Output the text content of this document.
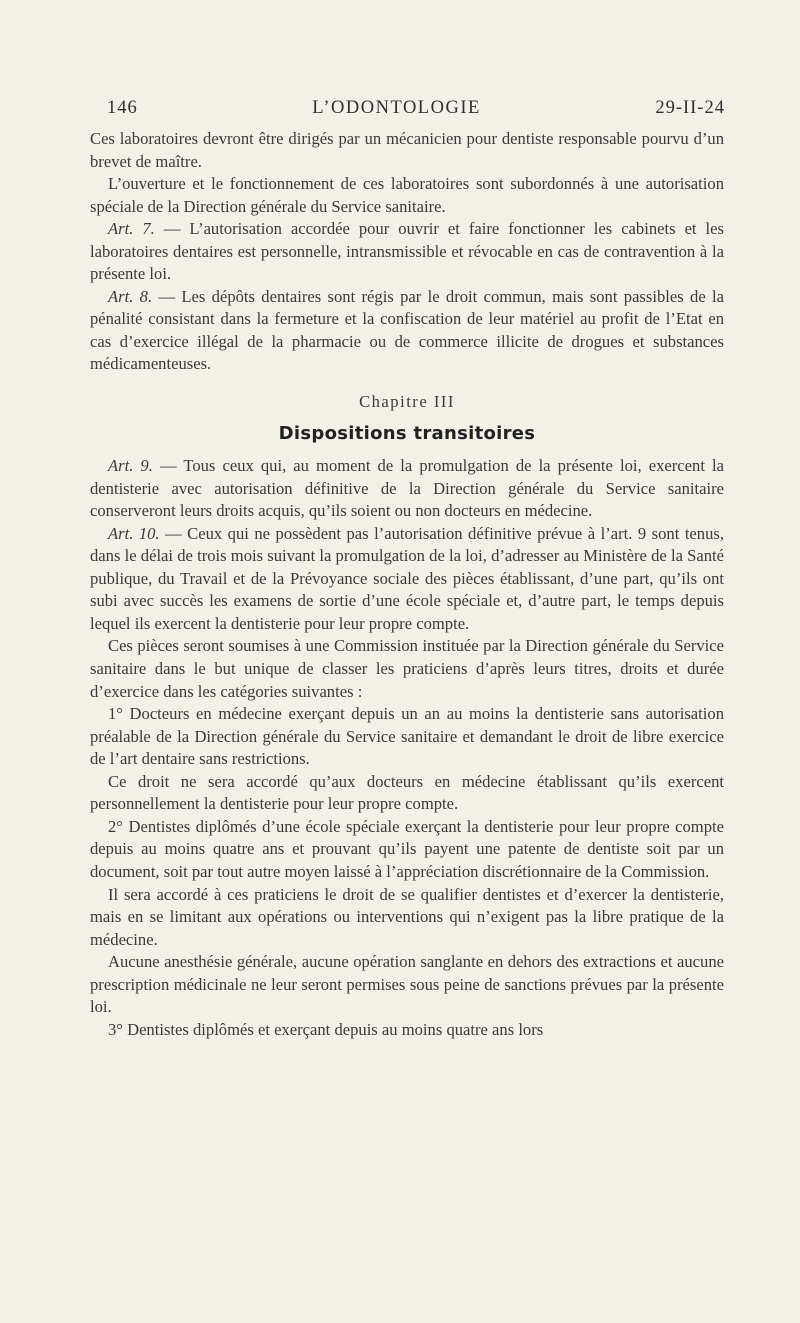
146	L’ODONTOLOGIE	29-II-24

Ces laboratoires devront être dirigés par un mécanicien pour dentiste responsable pourvu d’un brevet de maître.

L’ouverture et le fonctionnement de ces laboratoires sont subordonnés à une autorisation spéciale de la Direction générale du Service sanitaire.

Art. 7. — L’autorisation accordée pour ouvrir et faire fonctionner les cabinets et les laboratoires dentaires est personnelle, intransmissible et révocable en cas de contravention à la présente loi.

Art. 8. — Les dépôts dentaires sont régis par le droit commun, mais sont passibles de la pénalité consistant dans la fermeture et la confiscation de leur matériel au profit de l’Etat en cas d’exercice illégal de la pharmacie ou de commerce illicite de drogues et substances médicamenteuses.

Chapitre III
Dispositions transitoires

Art. 9. — Tous ceux qui, au moment de la promulgation de la présente loi, exercent la dentisterie avec autorisation définitive de la Direction générale du Service sanitaire conserveront leurs droits acquis, qu’ils soient ou non docteurs en médecine.

Art. 10. — Ceux qui ne possèdent pas l’autorisation définitive prévue à l’art. 9 sont tenus, dans le délai de trois mois suivant la promulgation de la loi, d’adresser au Ministère de la Santé publique, du Travail et de la Prévoyance sociale des pièces établissant, d’une part, qu’ils ont subi avec succès les examens de sortie d’une école spéciale et, d’autre part, le temps depuis lequel ils exercent la dentisterie pour leur propre compte.

Ces pièces seront soumises à une Commission instituée par la Direction générale du Service sanitaire dans le but unique de classer les praticiens d’après leurs titres, droits et durée d’exercice dans les catégories suivantes :

1° Docteurs en médecine exerçant depuis un an au moins la dentisterie sans autorisation préalable de la Direction générale du Service sanitaire et demandant le droit de libre exercice de l’art dentaire sans restrictions.

Ce droit ne sera accordé qu’aux docteurs en médecine établissant qu’ils exercent personnellement la dentisterie pour leur propre compte.

2° Dentistes diplômés d’une école spéciale exerçant la dentisterie pour leur propre compte depuis au moins quatre ans et prouvant qu’ils payent une patente de dentiste soit par un document, soit par tout autre moyen laissé à l’appréciation discrétionnaire de la Commission.

Il sera accordé à ces praticiens le droit de se qualifier dentistes et d’exercer la dentisterie, mais en se limitant aux opérations ou interventions qui n’exigent pas la libre pratique de la médecine.

Aucune anesthésie générale, aucune opération sanglante en dehors des extractions et aucune prescription médicinale ne leur seront permises sous peine de sanctions prévues par la présente loi.

3° Dentistes diplômés et exerçant depuis au moins quatre ans lors
